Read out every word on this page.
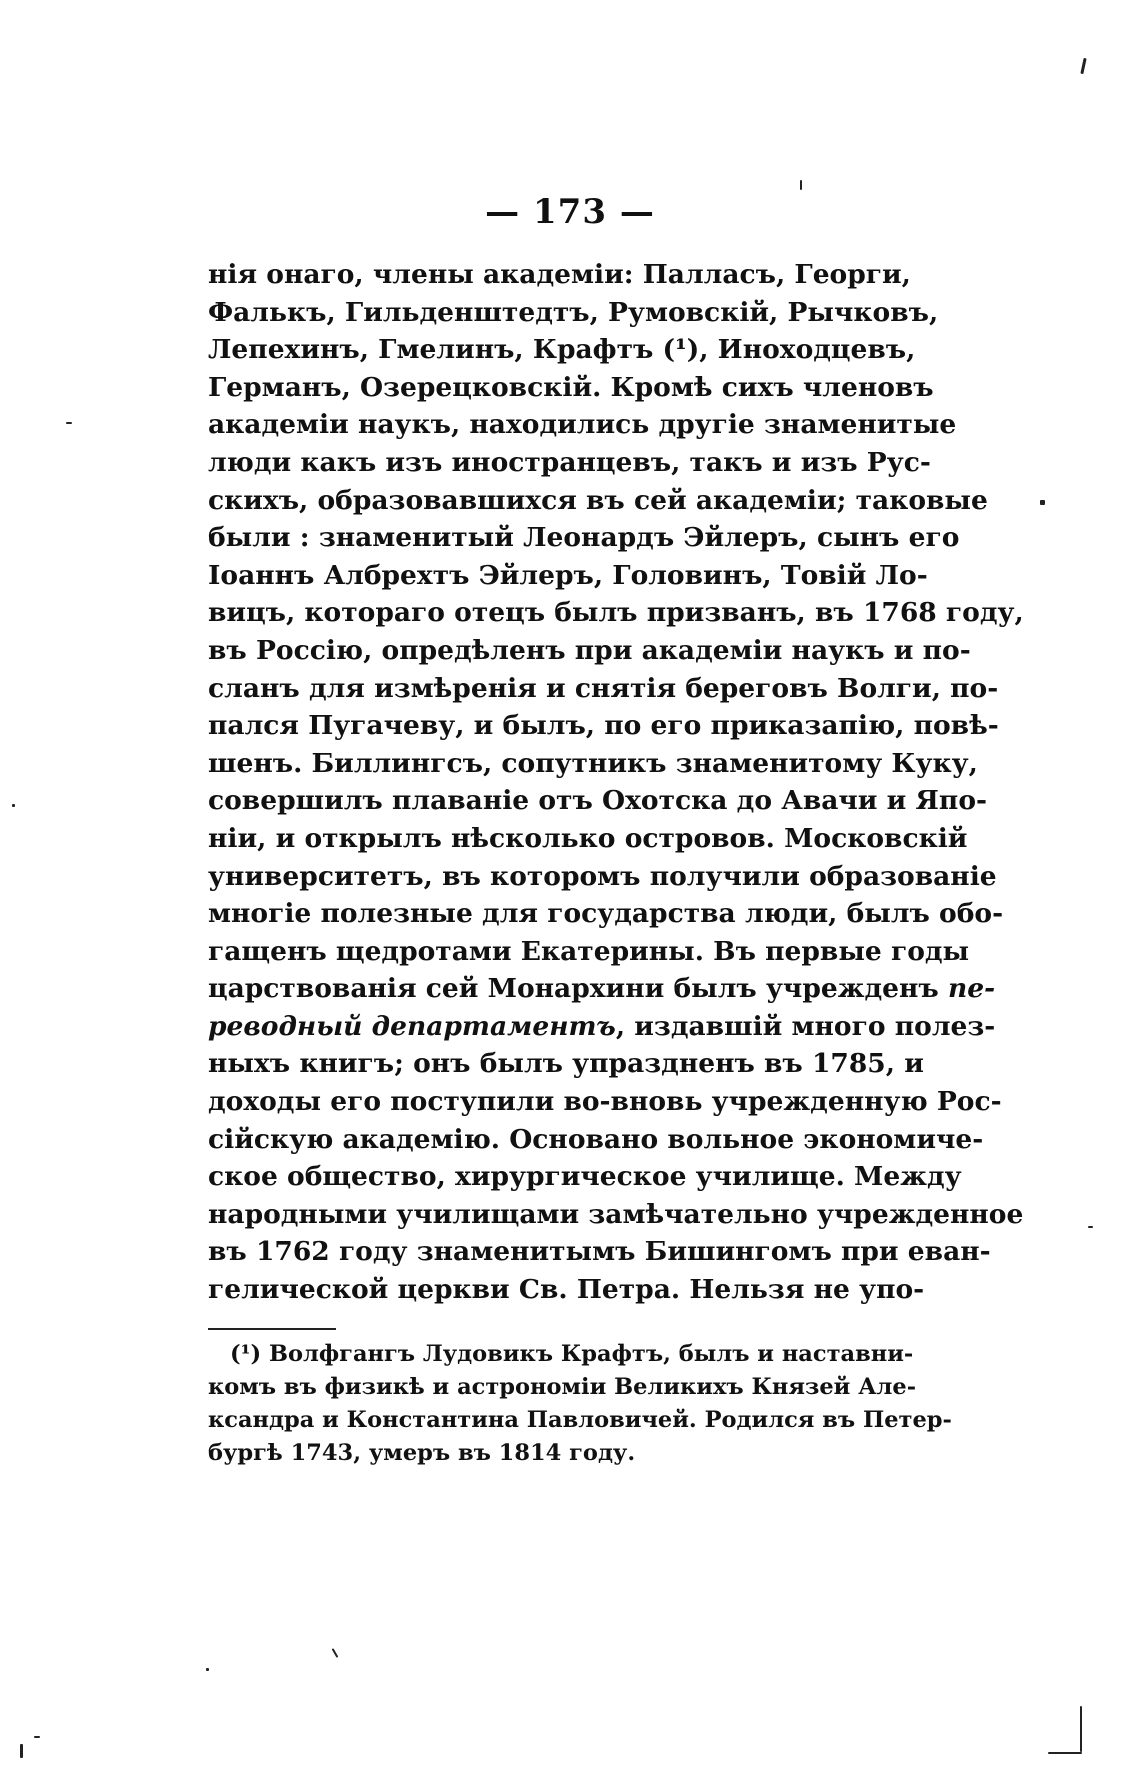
— 173 —
нія онаго, члены академіи: Палласъ, Георги,
Фалькъ, Гильденштедтъ, Румовскій, Рычковъ,
Лепехинъ, Гмелинъ, Крафтъ (¹), Иноходцевъ,
Германъ, Озерецковскій. Кромѣ сихъ членовъ
академіи наукъ, находились другіе знаменитые
люди какъ изъ иностранцевъ, такъ и изъ Рус-
скихъ, образовавшихся въ сей академіи; таковые
были : знаменитый Леонардъ Эйлеръ, сынъ его
Іоаннъ Албрехтъ Эйлеръ, Головинъ, Товій Ло-
вицъ, котораго отецъ былъ призванъ, въ 1768 году,
въ Россію, опредѣленъ при академіи наукъ и по-
сланъ для измѣренія и снятія береговъ Волги, по-
пался Пугачеву, и былъ, по его приказапію, повѣ-
шенъ. Биллингсъ, сопутникъ знаменитому Куку,
совершилъ плаваніе отъ Охотска до Авачи и Япо-
ніи, и открылъ нѣсколько островов. Московскій
университетъ, въ которомъ получили образованіе
многіе полезные для государства люди, былъ обо-
гащенъ щедротами Екатерины. Въ первые годы
царствованія сей Монархини былъ учрежденъ пе-
реводный департаментъ, издавшій много полез-
ныхъ книгъ; онъ былъ упраздненъ въ 1785, и
доходы его поступили во-вновь учрежденную Рос-
сійскую академію. Основано вольное экономиче-
ское общество, хирургическое училище. Между
народными училищами замѣчательно учрежденное
въ 1762 году знаменитымъ Бишингомъ при еван-
гелической церкви Св. Петра. Нельзя не упо-
(¹) Волфгангъ Лудовикъ Крафтъ, былъ и наставни-
комъ въ физикѣ и астрономіи Великихъ Князей Але-
ксандра и Константина Павловичей. Родился въ Петер-
бургѣ 1743, умеръ въ 1814 году.
